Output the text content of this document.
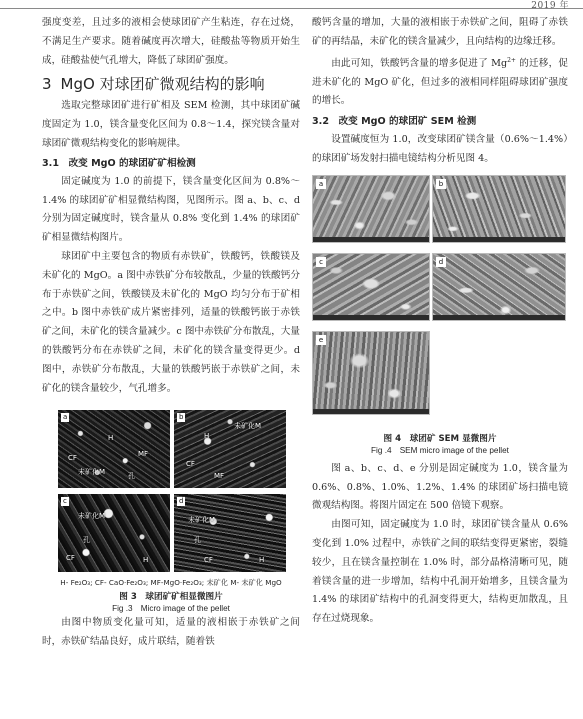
2019 年

强度变差，且过多的液相会使球团矿产生粘连，存在过烧，不满足生产要求。随着碱度再次增大，硅酸盐等物质开始生成，硅酸盐使气孔增大，降低了球团矿强度。

3 MgO 对球团矿微观结构的影响

选取完整球团矿进行矿相及 SEM 检测，其中球团矿碱度固定为 1.0，镁含量变化区间为 0.8～1.4，探究镁含量对球团矿微观结构变化的影响规律。

3.1　改变 MgO 的球团矿矿相检测

固定碱度为 1.0 的前提下，镁含量变化区间为 0.8%～1.4% 的球团矿矿相显微结构图，见图所示。图 a、b、c、d 分别为固定碱度时，镁含量从 0.8% 变化到 1.4% 的球团矿矿相显微结构图片。

球团矿中主要包含的物质有赤铁矿，铁酸钙，铁酸镁及未矿化的 MgO。a 图中赤铁矿分布较散乱，少量的铁酸钙分布于赤铁矿之间，铁酸镁及未矿化的 MgO 均匀分布于矿相之中。b 图中赤铁矿成片紧密排列，适量的铁酸钙嵌于赤铁矿之间，未矿化的镁含量减少。c 图中赤铁矿分布散乱，大量的铁酸钙分布在赤铁矿之间，未矿化的镁含量变得更少。d 图中，赤铁矿分布散乱，大量的铁酸钙嵌于赤铁矿之间，未矿化的镁含量较少，气孔增多。

a
H
CF	MF
未矿化M	孔
b
H
未矿化M
CF
MF
c
未矿化M
孔
CF	H
d
未矿化M
孔
CF	H
H- Fe₂O₃; CF- CaO·Fe₂O₃; MF-MgO·Fe₂O₃; 未矿化 M- 未矿化 MgO
图 3　球团矿矿相显微图片
Fig .3　Micro image of the pellet

由图中物质变化量可知，适量的液相嵌于赤铁矿之间时，赤铁矿结晶良好，成片联结，随着铁

酸钙含量的增加，大量的液相嵌于赤铁矿之间，阻碍了赤铁矿的再结晶，未矿化的镁含量减少，且向结构的边缘迁移。

由此可知，铁酸钙含量的增多促进了 $Mg^{2+}$ 的迁移，促进未矿化的 MgO 矿化，但过多的液相同样阻碍球团矿强度的增长。

3.2　改变 MgO 的球团矿 SEM 检测

设置碱度恒为 1.0，改变球团矿镁含量（0.6%～1.4%）的球团矿场发射扫描电镜结构分析见图 4。

a	b
c	d
e
图 4　球团矿 SEM 显微图片
Fig .4　SEM micro image of the pellet

图 a、b、c、d、e 分别是固定碱度为 1.0，镁含量为 0.6%、0.8%、1.0%、1.2%、1.4% 的球团矿场扫描电镜微观结构图。将图片固定在 500 倍镜下观察。

由图可知，固定碱度为 1.0 时，球团矿镁含量从 0.6% 变化到 1.0% 过程中，赤铁矿之间的联结变得更紧密，裂缝较少，且在镁含量控制在 1.0% 时，部分晶格清晰可见，随着镁含量的进一步增加，结构中孔洞开始增多，且镁含量为 1.4% 的球团矿结构中的孔洞变得更大，结构更加散乱，且存在过烧现象。
